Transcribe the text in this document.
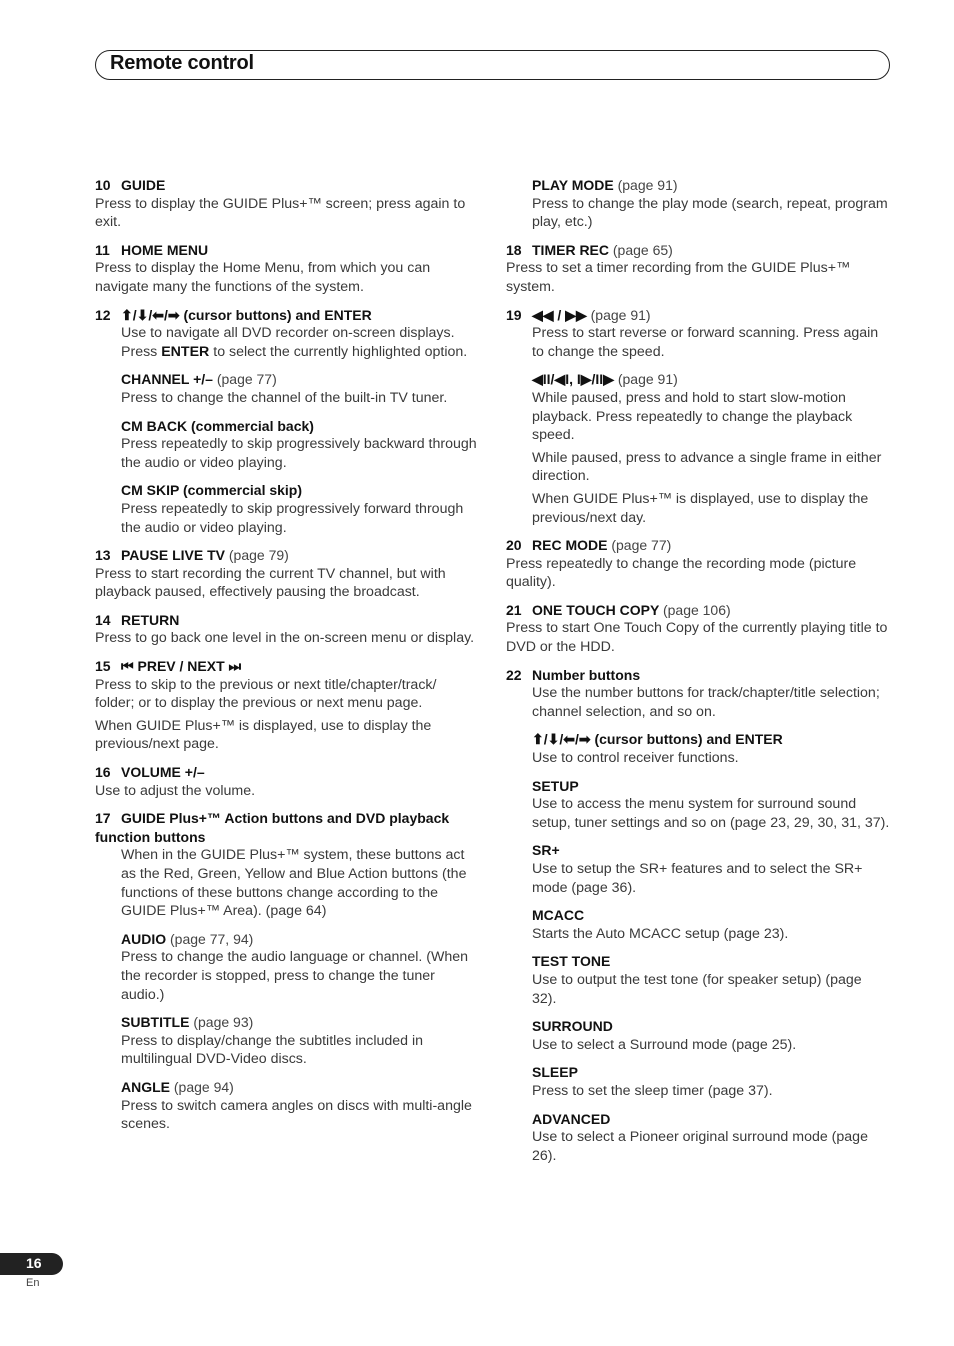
Remote control
10 GUIDE

Press to display the GUIDE Plus+™ screen; press again to exit.

11 HOME MENU

Press to display the Home Menu, from which you can navigate many the functions of the system.

12 ⬆/⬇/⬅/➡ (cursor buttons) and ENTER

Use to navigate all DVD recorder on-screen displays. Press ENTER to select the currently highlighted option.

CHANNEL +/– (page 77)

Press to change the channel of the built-in TV tuner.

CM BACK (commercial back)

Press repeatedly to skip progressively backward through the audio or video playing.

CM SKIP (commercial skip)

Press repeatedly to skip progressively forward through the audio or video playing.

13 PAUSE LIVE TV (page 79)

Press to start recording the current TV channel, but with playback paused, effectively pausing the broadcast.

14 RETURN

Press to go back one level in the on-screen menu or display.

15 ⏮ PREV / NEXT ⏭

Press to skip to the previous or next title/chapter/track/ folder; or to display the previous or next menu page.

When GUIDE Plus+™ is displayed, use to display the previous/next page.

16 VOLUME +/–

Use to adjust the volume.

17 GUIDE Plus+™ Action buttons and DVD playback function buttons

When in the GUIDE Plus+™ system, these buttons act as the Red, Green, Yellow and Blue Action buttons (the functions of these buttons change according to the GUIDE Plus+™ Area). (page 64)

AUDIO (page 77, 94)

Press to change the audio language or channel. (When the recorder is stopped, press to change the tuner audio.)

SUBTITLE (page 93)

Press to display/change the subtitles included in multilingual DVD-Video discs.

ANGLE (page 94)

Press to switch camera angles on discs with multi-angle scenes.

PLAY MODE (page 91)

Press to change the play mode (search, repeat, program play, etc.)

18 TIMER REC (page 65)

Press to set a timer recording from the GUIDE Plus+™ system.

19 ◀◀ / ▶▶ (page 91)

Press to start reverse or forward scanning. Press again to change the speed.

◀II/◀I, I▶/II▶ (page 91)

While paused, press and hold to start slow-motion playback. Press repeatedly to change the playback speed.

While paused, press to advance a single frame in either direction.

When GUIDE Plus+™ is displayed, use to display the previous/next day.

20 REC MODE (page 77)

Press repeatedly to change the recording mode (picture quality).

21 ONE TOUCH COPY (page 106)

Press to start One Touch Copy of the currently playing title to DVD or the HDD.

22 Number buttons

Use the number buttons for track/chapter/title selection; channel selection, and so on.

⬆/⬇/⬅/➡ (cursor buttons) and ENTER

Use to control receiver functions.

SETUP

Use to access the menu system for surround sound setup, tuner settings and so on (page 23, 29, 30, 31, 37).

SR+

Use to setup the SR+ features and to select the SR+ mode (page 36).

MCACC

Starts the Auto MCACC setup (page 23).

TEST TONE

Use to output the test tone (for speaker setup) (page 32).

SURROUND

Use to select a Surround mode (page 25).

SLEEP

Press to set the sleep timer (page 37).

ADVANCED

Use to select a Pioneer original surround mode (page 26).

16
En
